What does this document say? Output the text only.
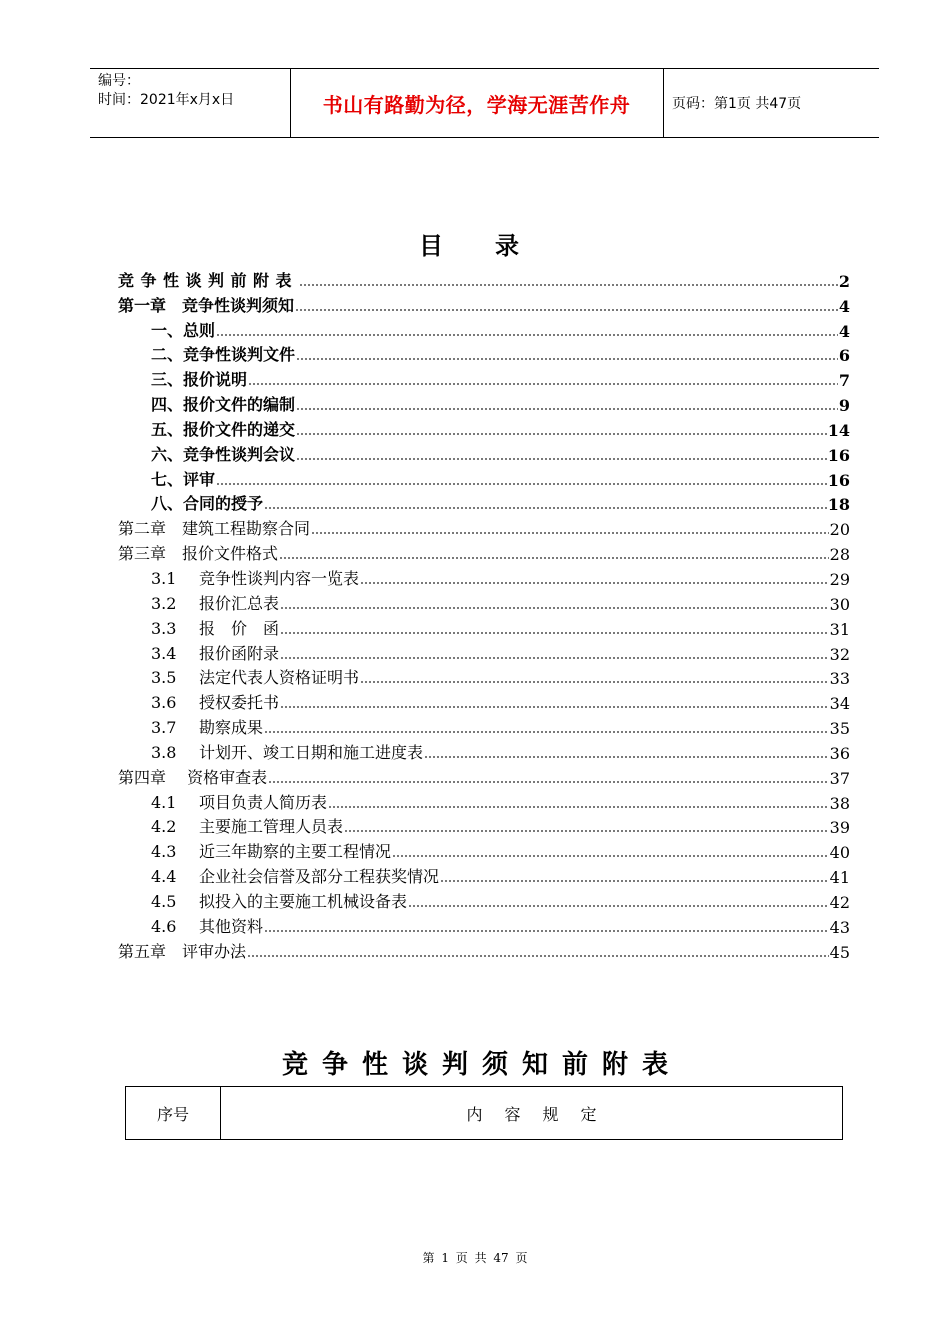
编号：
时间：2021年x月x日	书山有路勤为径，学海无涯苦作舟	页码：第1页 共47页
目录
竞争性谈判前附表	2
第一章　竞争性谈判须知	4
一、总则	4
二、竞争性谈判文件	6
三、报价说明	7
四、报价文件的编制	9
五、报价文件的递交	14
六、竞争性谈判会议	16
七、评审	16
八、合同的授予	18
第二章　建筑工程勘察合同	20
第三章　报价文件格式	28
3.1 竞争性谈判内容一览表	29
3.2 报价汇总表	30
3.3 报　价　函	31
3.4 报价函附录	32
3.5 法定代表人资格证明书	33
3.6 授权委托书	34
3.7 勘察成果	35
3.8 计划开、竣工日期和施工进度表	36
第四章　 资格审查表	37
4.1 项目负责人简历表	38
4.2 主要施工管理人员表	39
4.3 近三年勘察的主要工程情况	40
4.4 企业社会信誉及部分工程获奖情况	41
4.5 拟投入的主要施工机械设备表	42
4.6 其他资料	43
第五章　评审办法	45
竞争性谈判须知前附表
序号	内容规定
第 1 页 共 47 页
